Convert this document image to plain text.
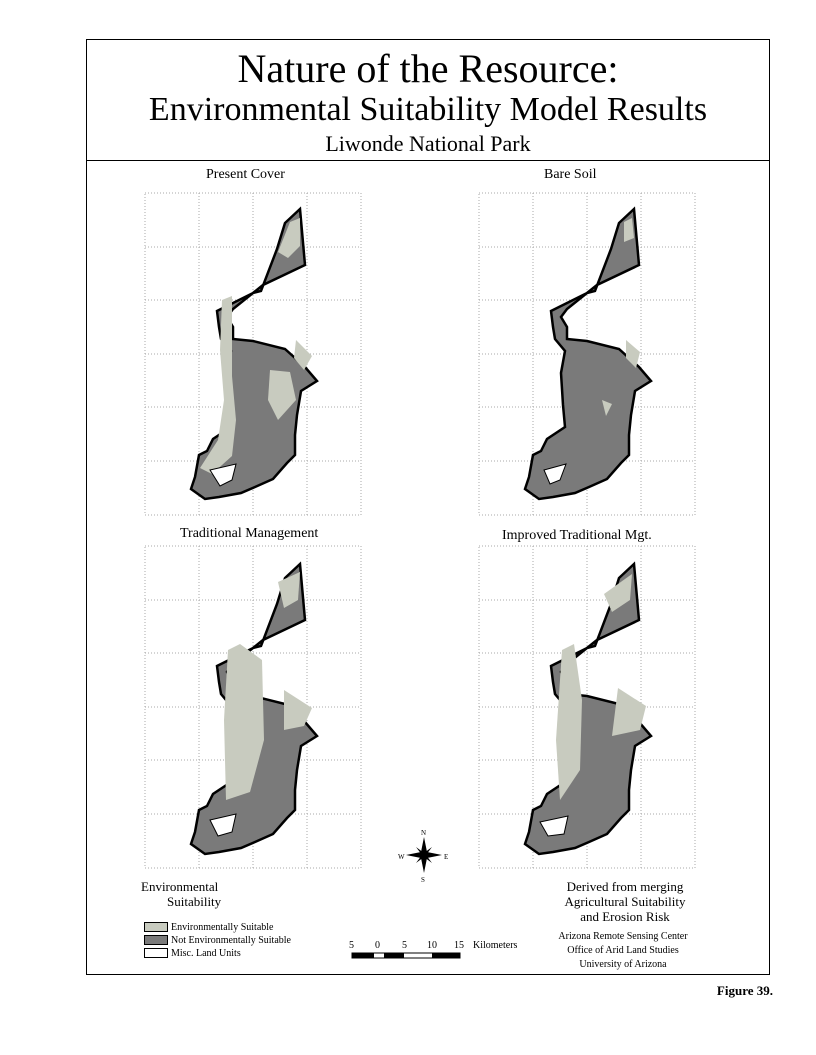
Nature of the Resource:
Environmental Suitability Model Results
Liwonde National Park
Present Cover	Bare Soil
Traditional Management	Improved Traditional Mgt.
N
S
E
W
Environmental
Suitability
Environmentally Suitable
Not Environmentally Suitable
Misc. Land Units
5 0 5 10 15 Kilometers
Derived from merging
Agricultural Suitability
and Erosion Risk
Arizona Remote Sensing Center
Office of Arid Land Studies
University of Arizona
Figure 39.
